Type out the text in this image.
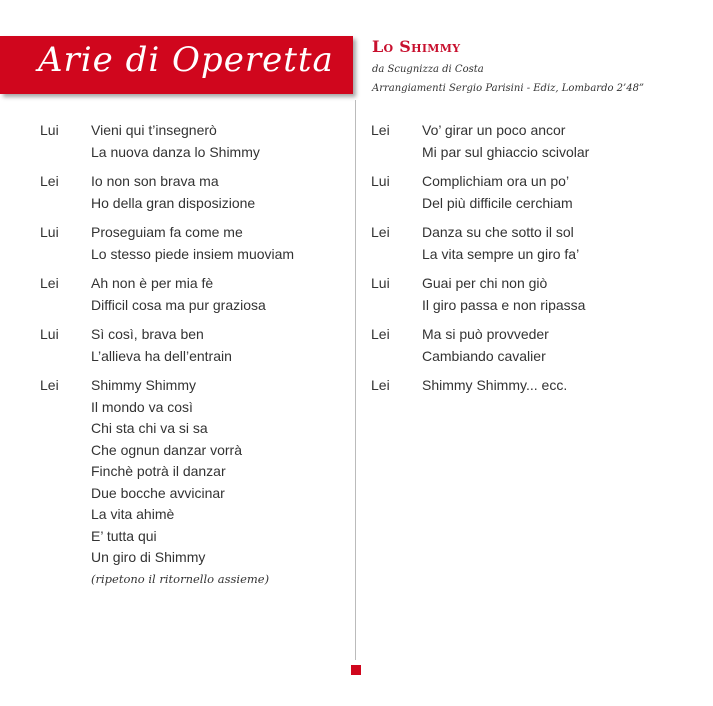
Arie di Operetta Lo Shimmy
da Scugnizza di Costa
Arrangiamenti Sergio Parisini - Ediz, Lombardo 2’48”
Lui	Vieni qui t’insegnerò
La nuova danza lo Shimmy
Lei	Io non son brava ma
Ho della gran disposizione
Lui	Proseguiam fa come me
Lo stesso piede insiem muoviam
Lei	Ah non è per mia fè
Difficil cosa ma pur graziosa
Lui	Sì così, brava ben
L’allieva ha dell’entrain
Lei	Shimmy Shimmy
Il mondo va così
Chi sta chi va si sa
Che ognun danzar vorrà
Finchè potrà il danzar
Due bocche avvicinar
La vita ahimè
E’ tutta qui
Un giro di Shimmy
(ripetono il ritornello assieme)
Lei	Vo’ girar un poco ancor
Mi par sul ghiaccio scivolar
Lui	Complichiam ora un po’
Del più difficile cerchiam
Lei	Danza su che sotto il sol
La vita sempre un giro fa’
Lui	Guai per chi non giò
Il giro passa e non ripassa
Lei	Ma si può provveder
Cambiando cavalier
Lei	Shimmy Shimmy... ecc.
